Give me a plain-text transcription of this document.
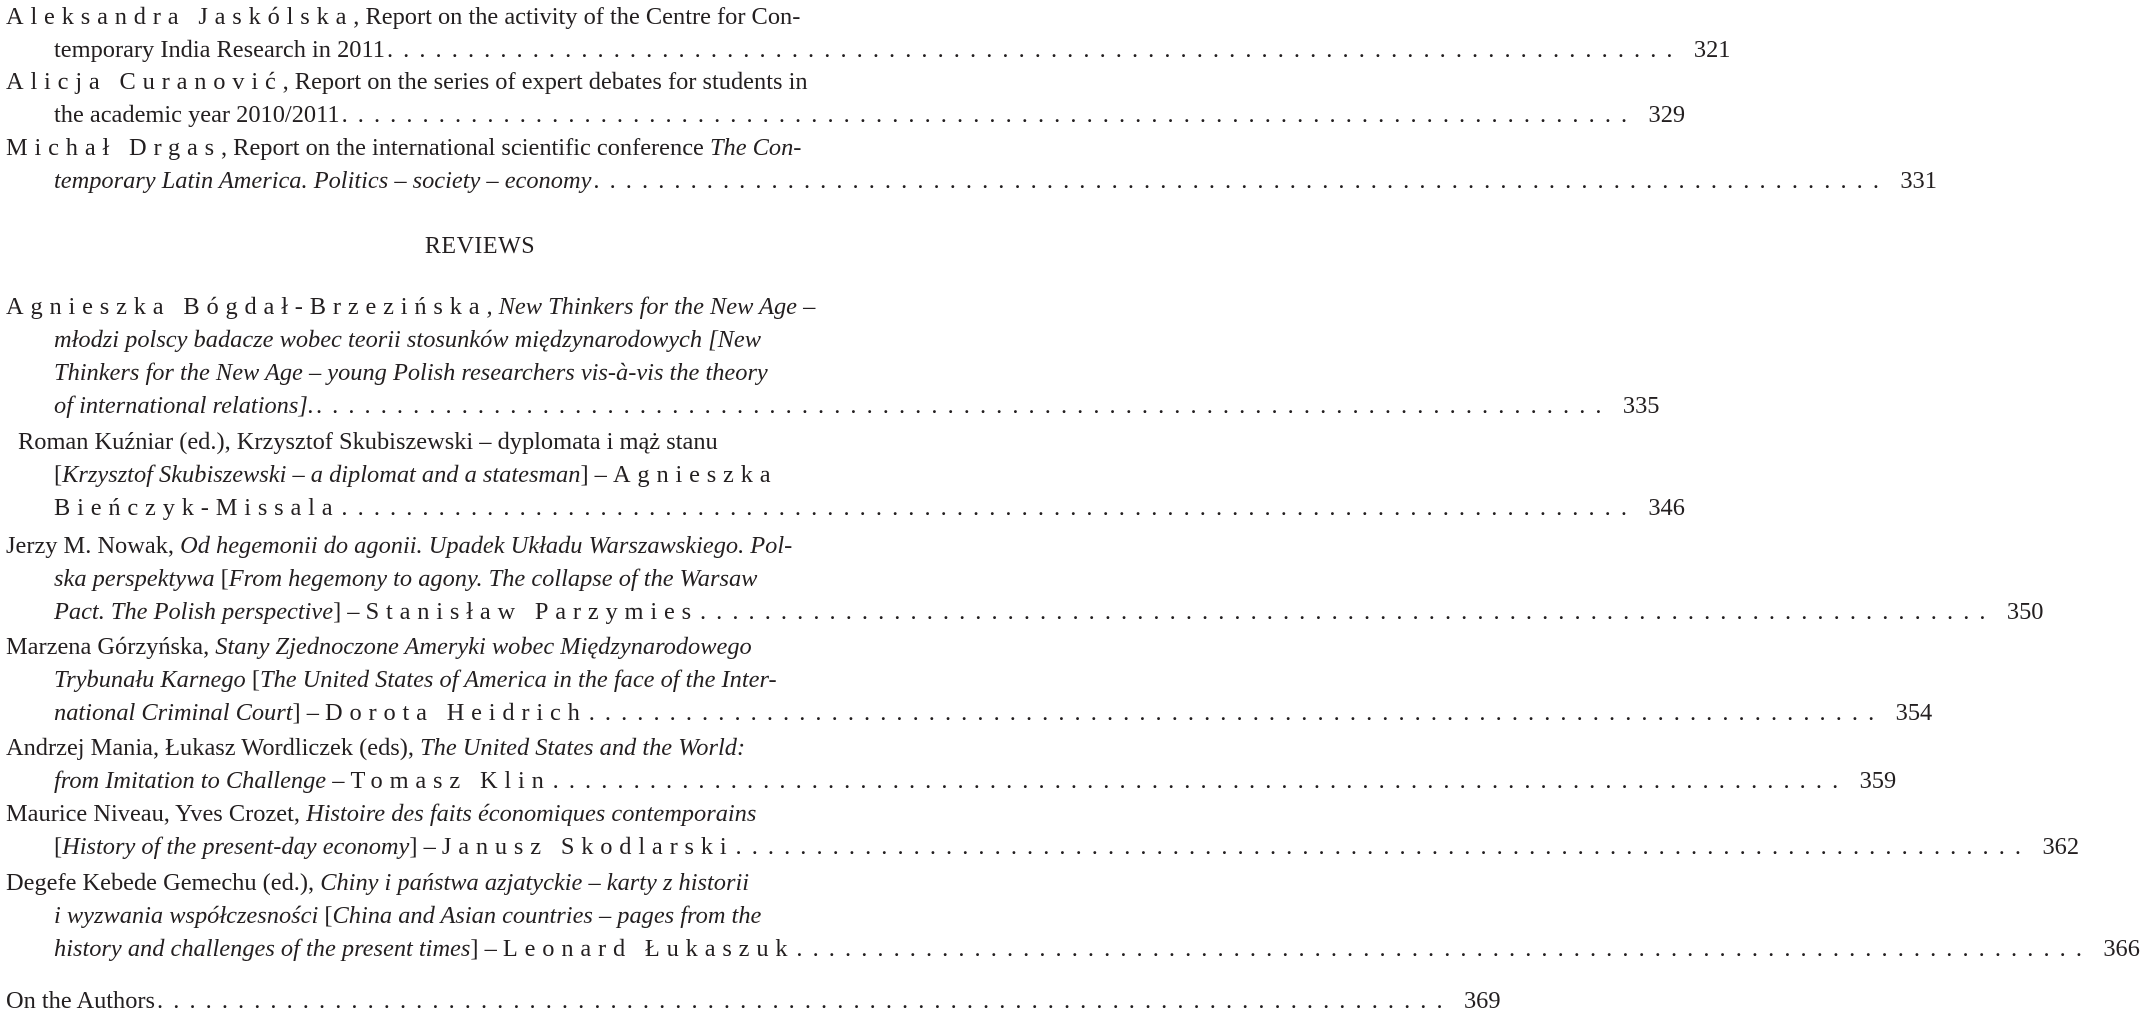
Aleksandra Jaskólska, Report on the activity of the Centre for Con-
temporary India Research in 2011 . . . . . . . . . . . . . . . . . . . . . . . . . . . . . . . . . . . . . . . . . . . . . . . . . . . . . . . . . . . . . . . . . . . . . . . . . . . . . . . . 321
Alicja Curanović, Report on the series of expert debates for students in
the academic year 2010/2011 . . . . . . . . . . . . . . . . . . . . . . . . . . . . . . . . . . . . . . . . . . . . . . . . . . . . . . . . . . . . . . . . . . . . . . . . . . . . . . . . 329
Michał Drgas, Report on the international scientific conference The Con-
temporary Latin America. Politics – society – economy . . . . . . . . . . . . . . . . . . . . . . . . . . . . . . . . . . . . . . . . . . . . . . . . . . . . . . . . . . . . . . . . . . . . . . . . . . . . . . . . 331
REVIEWS
Agnieszka Bógdał-Brzezińska, New Thinkers for the New Age –
młodzi polscy badacze wobec teorii stosunków międzynarodowych [New
Thinkers for the New Age – young Polish researchers vis-à-vis the theory
of international relations]. . . . . . . . . . . . . . . . . . . . . . . . . . . . . . . . . . . . . . . . . . . . . . . . . . . . . . . . . . . . . . . . . . . . . . . . . . . . . . . . . 335
Roman Kuźniar (ed.), Krzysztof Skubiszewski – dyplomata i mąż stanu
[Krzysztof Skubiszewski – a diplomat and a statesman] – Agnieszka
Bieńczyk-Missala . . . . . . . . . . . . . . . . . . . . . . . . . . . . . . . . . . . . . . . . . . . . . . . . . . . . . . . . . . . . . . . . . . . . . . . . . . . . . . . . 346
Jerzy M. Nowak, Od hegemonii do agonii. Upadek Układu Warszawskiego. Pol-
ska perspektywa [From hegemony to agony. The collapse of the Warsaw
Pact. The Polish perspective] – Stanisław Parzymies . . . . . . . . . . . . . . . . . . . . . . . . . . . . . . . . . . . . . . . . . . . . . . . . . . . . . . . . . . . . . . . . . . . . . . . . . . . . . . . . 350
Marzena Górzyńska, Stany Zjednoczone Ameryki wobec Międzynarodowego
Trybunału Karnego [The United States of America in the face of the Inter-
national Criminal Court] – Dorota Heidrich . . . . . . . . . . . . . . . . . . . . . . . . . . . . . . . . . . . . . . . . . . . . . . . . . . . . . . . . . . . . . . . . . . . . . . . . . . . . . . . . 354
Andrzej Mania, Łukasz Wordliczek (eds), The United States and the World:
from Imitation to Challenge – Tomasz Klin . . . . . . . . . . . . . . . . . . . . . . . . . . . . . . . . . . . . . . . . . . . . . . . . . . . . . . . . . . . . . . . . . . . . . . . . . . . . . . . . 359
Maurice Niveau, Yves Crozet, Histoire des faits économiques contemporains
[History of the present-day economy] – Janusz Skodlarski . . . . . . . . . . . . . . . . . . . . . . . . . . . . . . . . . . . . . . . . . . . . . . . . . . . . . . . . . . . . . . . . . . . . . . . . . . . . . . . . 362
Degefe Kebede Gemechu (ed.), Chiny i państwa azjatyckie – karty z historii
i wyzwania współczesności [China and Asian countries – pages from the
history and challenges of the present times] – Leonard Łukaszuk . . . . . . . . . . . . . . . . . . . . . . . . . . . . . . . . . . . . . . . . . . . . . . . . . . . . . . . . . . . . . . . . . . . . . . . . . . . . . . . . 366
On the Authors . . . . . . . . . . . . . . . . . . . . . . . . . . . . . . . . . . . . . . . . . . . . . . . . . . . . . . . . . . . . . . . . . . . . . . . . . . . . . . . . 369
